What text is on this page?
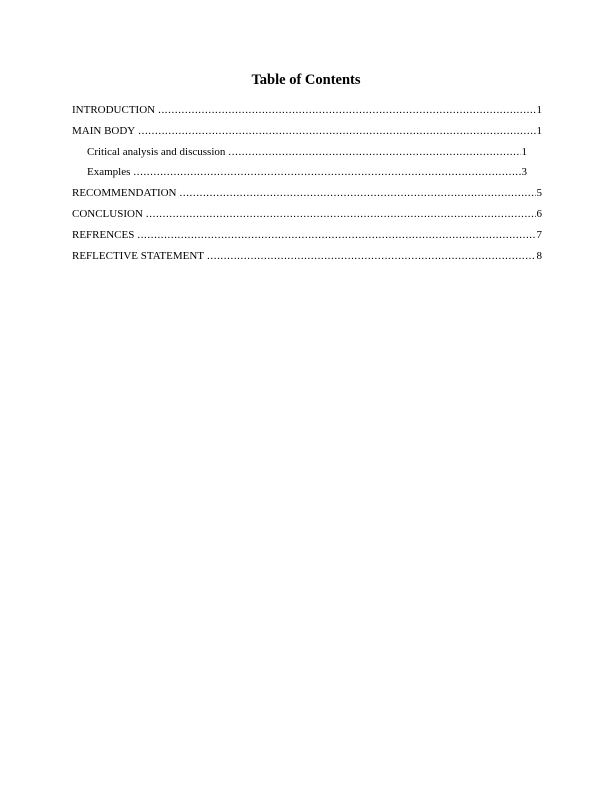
Table of Contents
INTRODUCTION .....	1
MAIN BODY .....	1
Critical analysis and discussion .....	1
Examples .....	3
RECOMMENDATION .....	5
CONCLUSION .....	6
REFRENCES .....	7
REFLECTIVE STATEMENT .....	8
